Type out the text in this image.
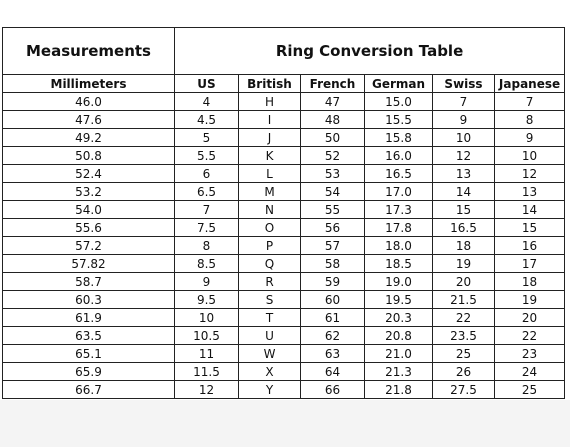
Measurements	Ring Conversion Table					
Millimeters	US	British	French	German	Swiss	Japanese
46.0	4	H	47	15.0	7	7
47.6	4.5	I	48	15.5	9	8
49.2	5	J	50	15.8	10	9
50.8	5.5	K	52	16.0	12	10
52.4	6	L	53	16.5	13	12
53.2	6.5	M	54	17.0	14	13
54.0	7	N	55	17.3	15	14
55.6	7.5	O	56	17.8	16.5	15
57.2	8	P	57	18.0	18	16
57.82	8.5	Q	58	18.5	19	17
58.7	9	R	59	19.0	20	18
60.3	9.5	S	60	19.5	21.5	19
61.9	10	T	61	20.3	22	20
63.5	10.5	U	62	20.8	23.5	22
65.1	11	W	63	21.0	25	23
65.9	11.5	X	64	21.3	26	24
66.7	12	Y	66	21.8	27.5	25
